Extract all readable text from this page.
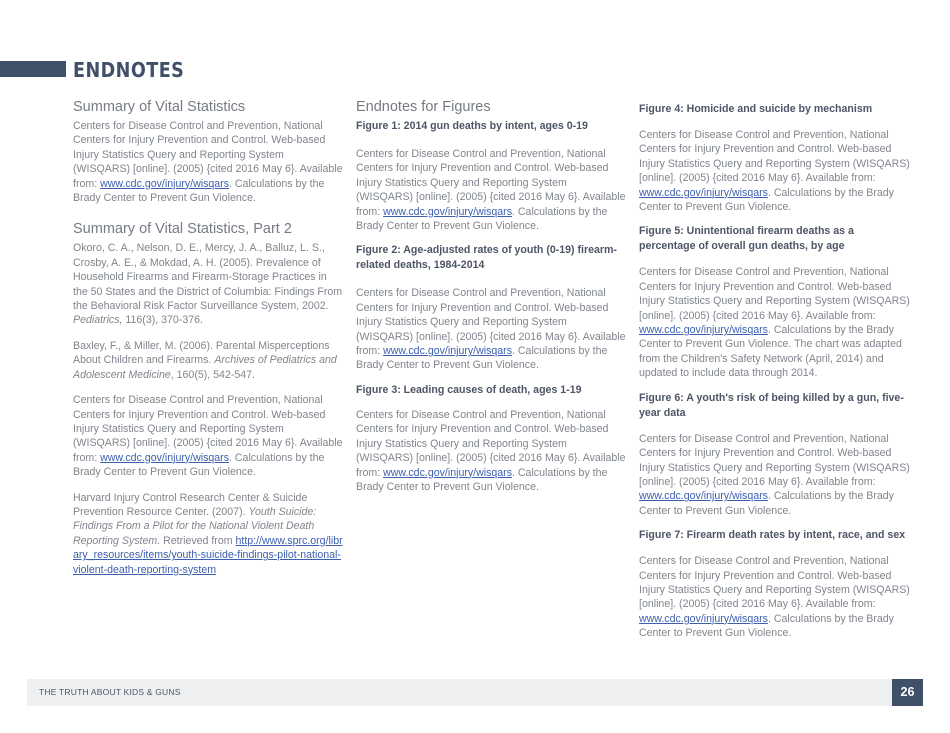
ENDNOTES
Summary of Vital Statistics

Centers for Disease Control and Prevention, National Centers for Injury Prevention and Control. Web-based Injury Statistics Query and Reporting System (WISQARS) [online]. (2005) {cited 2016 May 6}. Available from: www.cdc.gov/injury/wisqars. Calculations by the Brady Center to Prevent Gun Violence.

Summary of Vital Statistics, Part 2

Okoro, C. A., Nelson, D. E., Mercy, J. A., Balluz, L. S., Crosby, A. E., & Mokdad, A. H. (2005). Prevalence of Household Firearms and Firearm-Storage Practices in the 50 States and the District of Columbia: Findings From the Behavioral Risk Factor Surveillance System, 2002. Pediatrics, 116(3), 370-376.

Baxley, F., & Miller, M. (2006). Parental Misperceptions About Children and Firearms. Archives of Pediatrics and Adolescent Medicine, 160(5), 542-547.

Centers for Disease Control and Prevention, National Centers for Injury Prevention and Control. Web-based Injury Statistics Query and Reporting System (WISQARS) [online]. (2005) {cited 2016 May 6}. Available from: www.cdc.gov/injury/wisqars. Calculations by the Brady Center to Prevent Gun Violence.

Harvard Injury Control Research Center & Suicide Prevention Resource Center. (2007). Youth Suicide: Findings From a Pilot for the National Violent Death Reporting System. Retrieved from http://www.sprc.org/library_resources/items/youth-suicide-findings-pilot-national-violent-death-reporting-system

Endnotes for Figures
Figure 1: 2014 gun deaths by intent, ages 0-19

Centers for Disease Control and Prevention, National Centers for Injury Prevention and Control. Web-based Injury Statistics Query and Reporting System (WISQARS) [online]. (2005) {cited 2016 May 6}. Available from: www.cdc.gov/injury/wisqars. Calculations by the Brady Center to Prevent Gun Violence.

Figure 2: Age-adjusted rates of youth (0-19) firearm-related deaths, 1984-2014

Centers for Disease Control and Prevention, National Centers for Injury Prevention and Control. Web-based Injury Statistics Query and Reporting System (WISQARS) [online]. (2005) {cited 2016 May 6}. Available from: www.cdc.gov/injury/wisqars. Calculations by the Brady Center to Prevent Gun Violence.

Figure 3: Leading causes of death, ages 1-19

Centers for Disease Control and Prevention, National Centers for Injury Prevention and Control. Web-based Injury Statistics Query and Reporting System (WISQARS) [online]. (2005) {cited 2016 May 6}. Available from: www.cdc.gov/injury/wisqars. Calculations by the Brady Center to Prevent Gun Violence.

Figure 4: Homicide and suicide by mechanism

Centers for Disease Control and Prevention, National Centers for Injury Prevention and Control. Web-based Injury Statistics Query and Reporting System (WISQARS) [online]. (2005) {cited 2016 May 6}. Available from: www.cdc.gov/injury/wisqars. Calculations by the Brady Center to Prevent Gun Violence.

Figure 5: Unintentional firearm deaths as a percentage of overall gun deaths, by age

Centers for Disease Control and Prevention, National Centers for Injury Prevention and Control. Web-based Injury Statistics Query and Reporting System (WISQARS) [online]. (2005) {cited 2016 May 6}. Available from: www.cdc.gov/injury/wisqars. Calculations by the Brady Center to Prevent Gun Violence. The chart was adapted from the Children's Safety Network (April, 2014) and updated to include data through 2014.

Figure 6: A youth's risk of being killed by a gun, five-year data

Centers for Disease Control and Prevention, National Centers for Injury Prevention and Control. Web-based Injury Statistics Query and Reporting System (WISQARS) [online]. (2005) {cited 2016 May 6}. Available from: www.cdc.gov/injury/wisqars. Calculations by the Brady Center to Prevent Gun Violence.

Figure 7: Firearm death rates by intent, race, and sex

Centers for Disease Control and Prevention, National Centers for Injury Prevention and Control. Web-based Injury Statistics Query and Reporting System (WISQARS) [online]. (2005) {cited 2016 May 6}. Available from: www.cdc.gov/injury/wisqars. Calculations by the Brady Center to Prevent Gun Violence.

THE TRUTH ABOUT KIDS & GUNS	26
